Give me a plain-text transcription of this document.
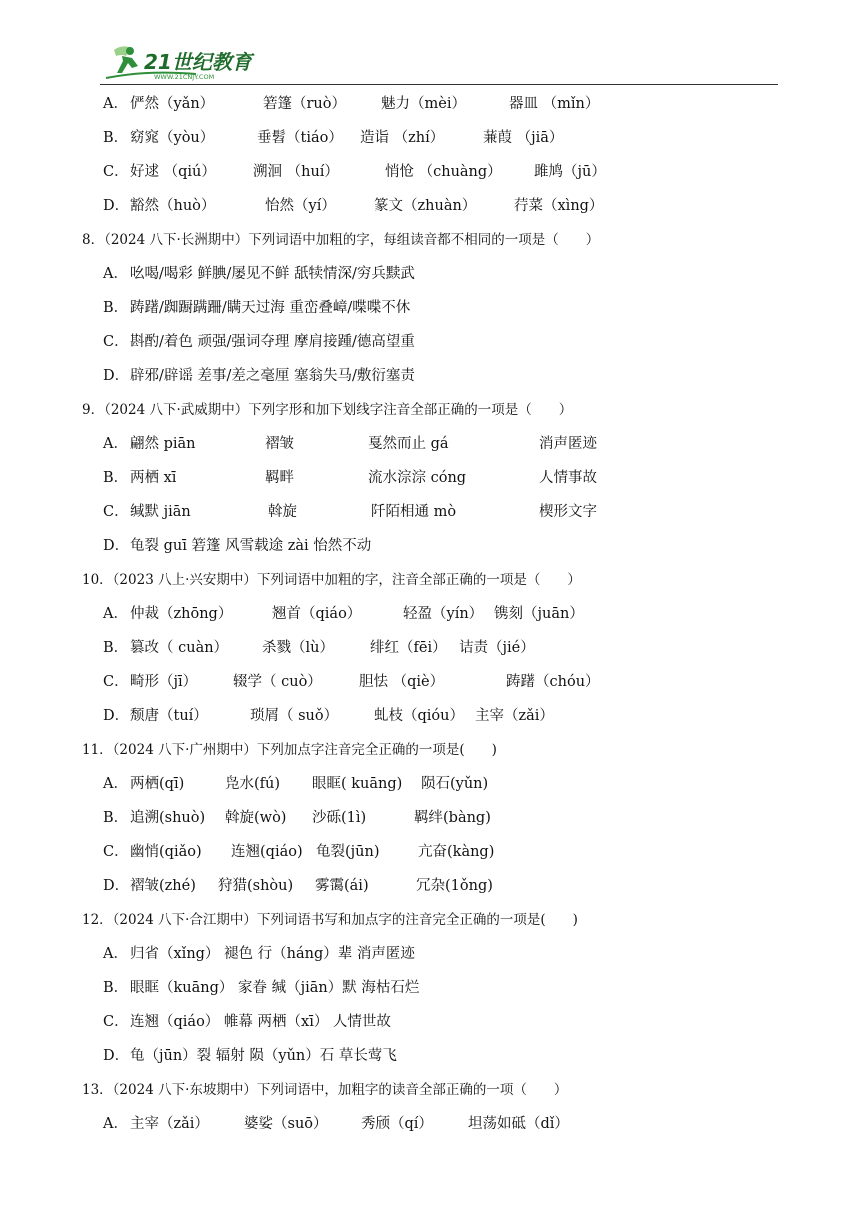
21世纪教育
WWW.21CNJY.COM
A． 俨然（yǎn）	箬篷（ruò） 魅力（mèi）	器皿 （mǐn）
B． 窈窕（yòu）	垂髫（tiáo） 造诣 （zhí）	蒹葭 （jiā）
C． 好逑 （qiú）	溯洄 （huí）	悄怆 （chuàng） 雎鸠（jū）
D． 豁然（huò）	怡然（yí）	篆文（zhuàn）	荇菜（xìng）
8．（2024 八下·长洲期中）下列词语中加粗的字，每组读音都不相同的一项是（　　）
A． 吆喝/喝彩 鲜腆/屡见不鲜 舐犊情深/穷兵黩武
B． 踌躇/踟蹰蹒跚/瞒天过海 重峦叠嶂/喋喋不休
C． 斟酌/着色 顽强/强词夺理 摩肩接踵/德高望重
D． 辟邪/辟谣 差事/差之毫厘 塞翁失马/敷衍塞责
9．（2024 八下·武威期中）下列字形和加下划线字注音全部正确的一项是（　　）
A． 翩然 piān	褶皱	戛然而止 gá	消声匿迹
B． 两栖 xī	羁畔	流水淙淙 cóng	人情事故
C． 缄默 jiān	斡旋	阡陌相通 mò	楔形文字
D． 龟裂 guī 箬篷 风雪载途 zài 怡然不动
10．（2023 八上·兴安期中）下列词语中加粗的字，注音全部正确的一项是（　　）
A． 仲裁（zhōng）	翘首（qiáo）	轻盈（yín） 镌刻（juān）
B． 篡改（ cuàn） 杀戮（lù） 绯红（fēi） 诘责（jié）
C． 畸形（jī） 辍学（ cuò）	胆怯 （qiè）	踌躇（chóu）
D． 颓唐（tuí）	琐屑（ suǒ） 虬枝（qióu） 主宰（zǎi）
11．（2024 八下·广州期中）下列加点字注音完全正确的一项是(　　)
A． 两栖(qī)	凫水(fú) 眼眶( kuāng) 陨石(yǔn)
B． 追溯(shuò) 斡旋(wò) 沙砾(1ì)	羁绊(bàng)
C． 幽悄(qiǎo) 连翘(qiáo) 龟裂(jūn)	亢奋(kàng)
D． 褶皱(zhé) 狩猎(shòu) 雾霭(ái)	冗杂(1ǒng)
12．（2024 八下·合江期中）下列词语书写和加点字的注音完全正确的一项是(　　)
A． 归省（xǐng） 褪色 行（háng）辈 消声匿迹
B． 眼眶（kuāng） 家眷 缄（jiān）默 海枯石烂
C． 连翘（qiáo） 帷幕 两栖（xī） 人情世故
D． 龟（jūn）裂 辐射 陨（yǔn）石 草长莺飞
13．（2024 八下·东坡期中）下列词语中，加粗字的读音全部正确的一项（　　）
A． 主宰（zǎi） 婆娑（suō） 秀颀（qí） 坦荡如砥（dǐ）
